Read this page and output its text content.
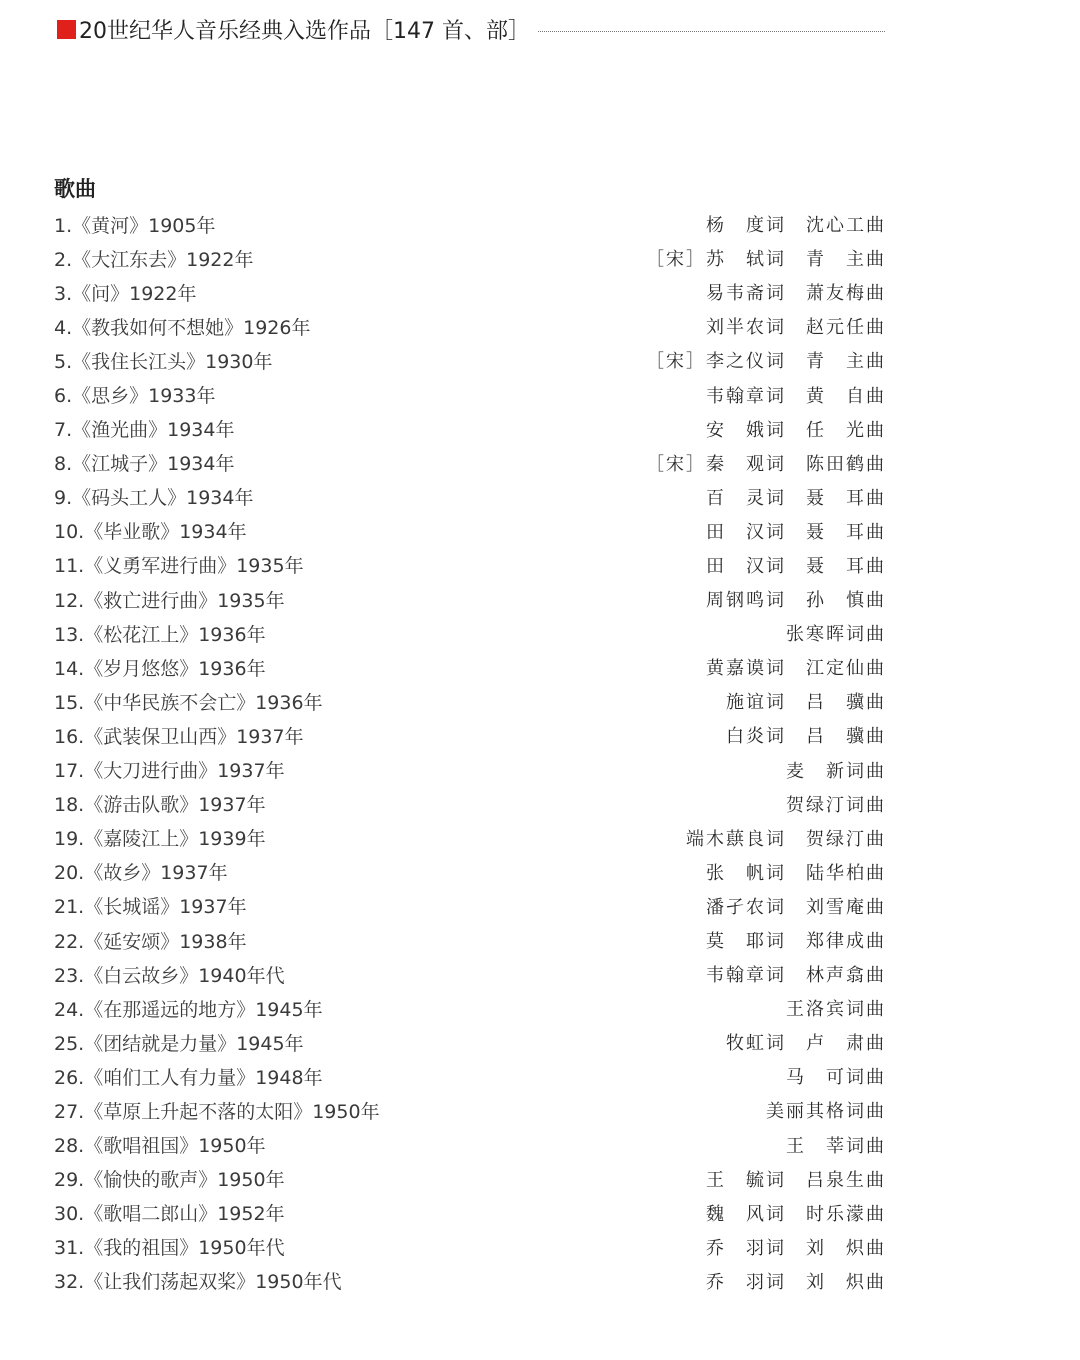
20世纪华人音乐经典入选作品［147 首、部］
歌曲
1.《黄河》1905年	杨　度词　沈心工曲
2.《大江东去》1922年	［宋］苏　轼词　青　主曲
3.《问》1922年	易韦斋词　萧友梅曲
4.《教我如何不想她》1926年	刘半农词　赵元任曲
5.《我住长江头》1930年	［宋］李之仪词　青　主曲
6.《思乡》1933年	韦翰章词　黄　自曲
7.《渔光曲》1934年	安　娥词　任　光曲
8.《江城子》1934年	［宋］秦　观词　陈田鹤曲
9.《码头工人》1934年	百　灵词　聂　耳曲
10.《毕业歌》1934年	田　汉词　聂　耳曲
11.《义勇军进行曲》1935年	田　汉词　聂　耳曲
12.《救亡进行曲》1935年	周钢鸣词　孙　慎曲
13.《松花江上》1936年	张寒晖词曲
14.《岁月悠悠》1936年	黄嘉谟词　江定仙曲
15.《中华民族不会亡》1936年	施谊词　吕　骥曲
16.《武装保卫山西》1937年	白炎词　吕　骥曲
17.《大刀进行曲》1937年	麦　新词曲
18.《游击队歌》1937年	贺绿汀词曲
19.《嘉陵江上》1939年	端木蕻良词　贺绿汀曲
20.《故乡》1937年	张　帆词　陆华柏曲
21.《长城谣》1937年	潘孑农词　刘雪庵曲
22.《延安颂》1938年	莫　耶词　郑律成曲
23.《白云故乡》1940年代	韦翰章词　林声翕曲
24.《在那遥远的地方》1945年	王洛宾词曲
25.《团结就是力量》1945年	牧虹词　卢　肃曲
26.《咱们工人有力量》1948年	马　可词曲
27.《草原上升起不落的太阳》1950年	美丽其格词曲
28.《歌唱祖国》1950年	王　莘词曲
29.《愉快的歌声》1950年	王　毓词　吕泉生曲
30.《歌唱二郎山》1952年	魏　风词　时乐濛曲
31.《我的祖国》1950年代	乔　羽词　刘　炽曲
32.《让我们荡起双桨》1950年代	乔　羽词　刘　炽曲
